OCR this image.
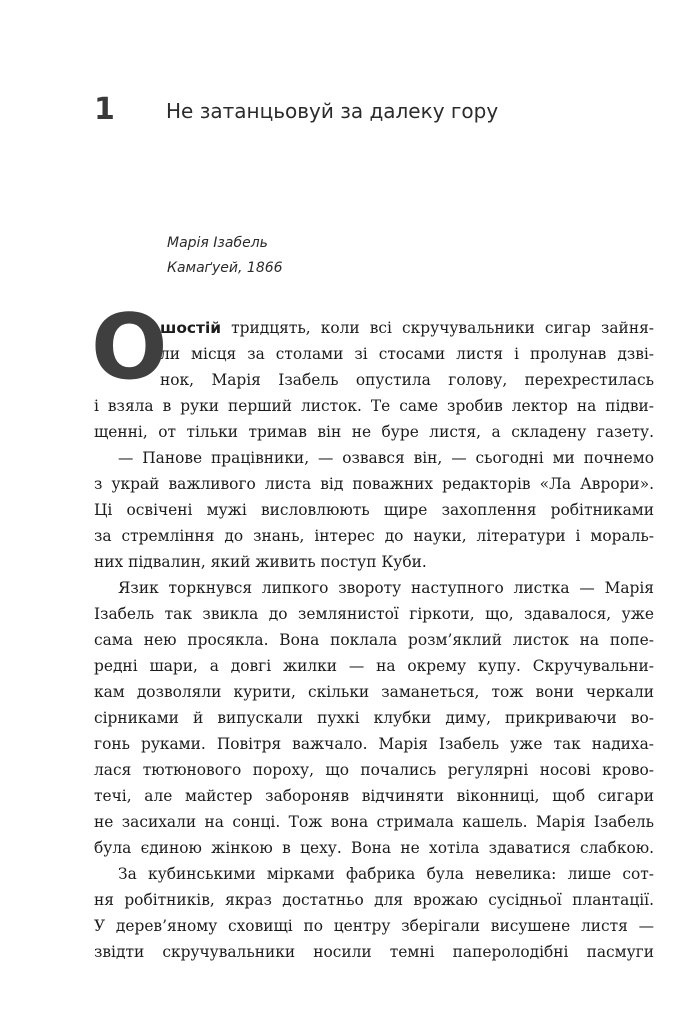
1	Не затанцьовуй за далеку гору
Марія Ізабель
Камаґуей, 1866
О
шостій тридцять, коли всі скручувальники сигар зайня-
ли місця за столами зі стосами листя і пролунав дзві-
нок, Марія Ізабель опустила голову, перехрестилась
і взяла в руки перший листок. Те саме зробив лектор на підви-
щенні, от тільки тримав він не буре листя, а складену газету.
— Панове працівники, — озвався він, — сьогодні ми почнемо
з украй важливого листа від поважних редакторів «Ла Аврори».
Ці освічені мужі висловлюють щире захоплення робітниками
за стремління до знань, інтерес до науки, літератури і мораль-
них підвалин, який живить поступ Куби.
Язик торкнувся липкого звороту наступного листка — Марія
Ізабель так звикла до землянистої гіркоти, що, здавалося, уже
сама нею просякла. Вона поклала розм’яклий листок на попе-
редні шари, а довгі жилки — на окрему купу. Скручувальни-
кам дозволяли курити, скільки заманеться, тож вони черкали
сірниками й випускали пухкі клубки диму, прикриваючи во-
гонь руками. Повітря важчало. Марія Ізабель уже так надиха-
лася тютюнового пороху, що почались регулярні носові крово-
течі, але майстер забороняв відчиняти віконниці, щоб сигари
не засихали на сонці. Тож вона стримала кашель. Марія Ізабель
була єдиною жінкою в цеху. Вона не хотіла здаватися слабкою.
За кубинськими мірками фабрика була невелика: лише сот-
ня робітників, якраз достатньо для врожаю сусідньої плантації.
У дерев’яному сховищі по центру зберігали висушене листя —
звідти скручувальники носили темні паперолодібні пасмуги
